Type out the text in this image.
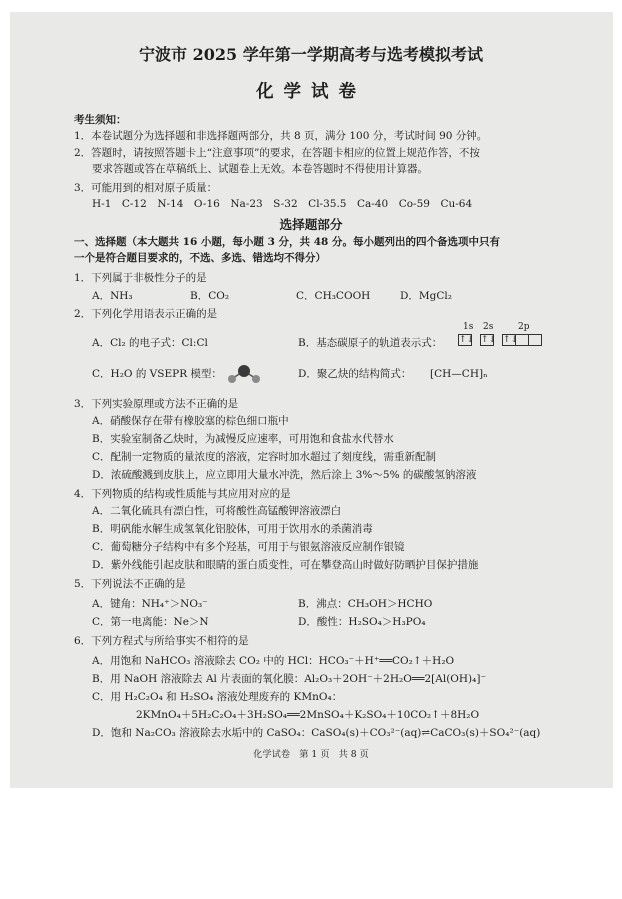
宁波市 2025 学年第一学期高考与选考模拟考试
化学试卷
考生须知：
1．本卷试题分为选择题和非选择题两部分，共 8 页，满分 100 分，考试时间 90 分钟。
2．答题时，请按照答题卡上“注意事项”的要求，在答题卡相应的位置上规范作答，不按
要求答题或答在草稿纸上、试题卷上无效。本卷答题时不得使用计算器。
3．可能用到的相对原子质量：
H-1　C-12　N-14　O-16　Na-23　S-32　Cl-35.5　Ca-40　Co-59　Cu-64
选择题部分
一、选择题（本大题共 16 小题，每小题 3 分，共 48 分。每小题列出的四个备选项中只有
一个是符合题目要求的，不选、多选、错选均不得分）
1．下列属于非极性分子的是
A．NH₃	B．CO₂	C．CH₃COOH	D．MgCl₂
2．下列化学用语表示正确的是
1s 2s	2p
A．Cl₂ 的电子式：Cl:Cl	B．基态碳原子的轨道表示式： ↑↓ ↑↓ ↑↓
C．H₂O 的 VSEPR 模型：	D．聚乙炔的结构简式： [CH—CH]ₙ
3．下列实验原理或方法不正确的是
A．硝酸保存在带有橡胶塞的棕色细口瓶中
B．实验室制备乙炔时，为减慢反应速率，可用饱和食盐水代替水
C．配制一定物质的量浓度的溶液，定容时加水超过了刻度线，需重新配制
D．浓硫酸溅到皮肤上，应立即用大量水冲洗，然后涂上 3%～5% 的碳酸氢钠溶液
4．下列物质的结构或性质能与其应用对应的是
A．二氧化硫具有漂白性，可将酸性高锰酸钾溶液漂白
B．明矾能水解生成氢氧化铝胶体，可用于饮用水的杀菌消毒
C．葡萄糖分子结构中有多个羟基，可用于与银氨溶液反应制作银镜
D．紫外线能引起皮肤和眼睛的蛋白质变性，可在攀登高山时做好防晒护目保护措施
5．下列说法不正确的是
A．键角：NH₄⁺＞NO₃⁻	B．沸点：CH₃OH＞HCHO
C．第一电离能：Ne＞N	D．酸性：H₂SO₄＞H₃PO₄
6．下列方程式与所给事实不相符的是
A．用饱和 NaHCO₃ 溶液除去 CO₂ 中的 HCl：HCO₃⁻＋H⁺══CO₂↑＋H₂O
B．用 NaOH 溶液除去 Al 片表面的氧化膜：Al₂O₃＋2OH⁻＋2H₂O══2[Al(OH)₄]⁻
C．用 H₂C₂O₄ 和 H₂SO₄ 溶液处理废弃的 KMnO₄：
2KMnO₄＋5H₂C₂O₄＋3H₂SO₄══2MnSO₄＋K₂SO₄＋10CO₂↑＋8H₂O
D．饱和 Na₂CO₃ 溶液除去水垢中的 CaSO₄：CaSO₄(s)＋CO₃²⁻(aq)⇌CaCO₃(s)＋SO₄²⁻(aq)
化学试卷　第 1 页　共 8 页
